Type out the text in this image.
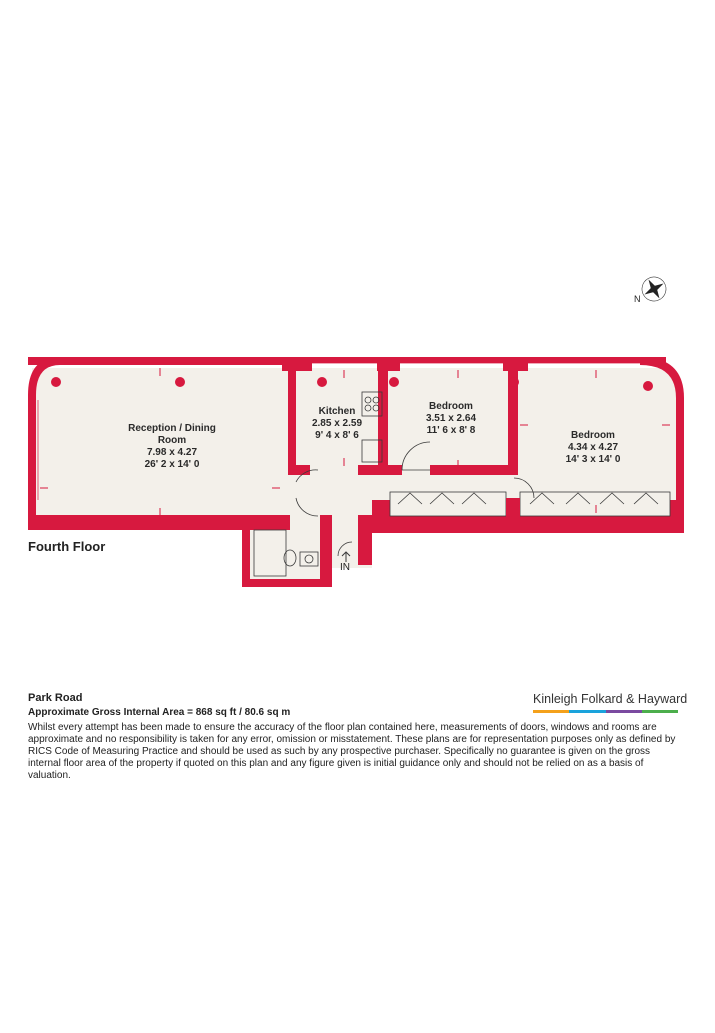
Reception / Dining
Room
7.98 x 4.27
26' 2 x 14' 0
Kitchen
2.85 x 2.59
9' 4 x 8' 6
Bedroom
3.51 x 2.64
11' 6 x 8' 8	Bedroom
4.34 x 4.27
14' 3 x 14' 0
N
Fourth Floor
IN

Park Road

Approximate Gross Internal Area = 868 sq ft / 80.6 sq m

Whilst every attempt has been made to ensure the accuracy of the floor plan contained here, measurements of doors, windows and rooms are approximate and no responsibility is taken for any error, omission or misstatement. These plans are for representation purposes only as defined by RICS Code of Measuring Practice and should be used as such by any prospective purchaser. Specifically no guarantee is given on the gross internal floor area of the property if quoted on this plan and any figure given is initial guidance only and should not be relied on as a basis of valuation.

Kinleigh Folkard & Hayward
